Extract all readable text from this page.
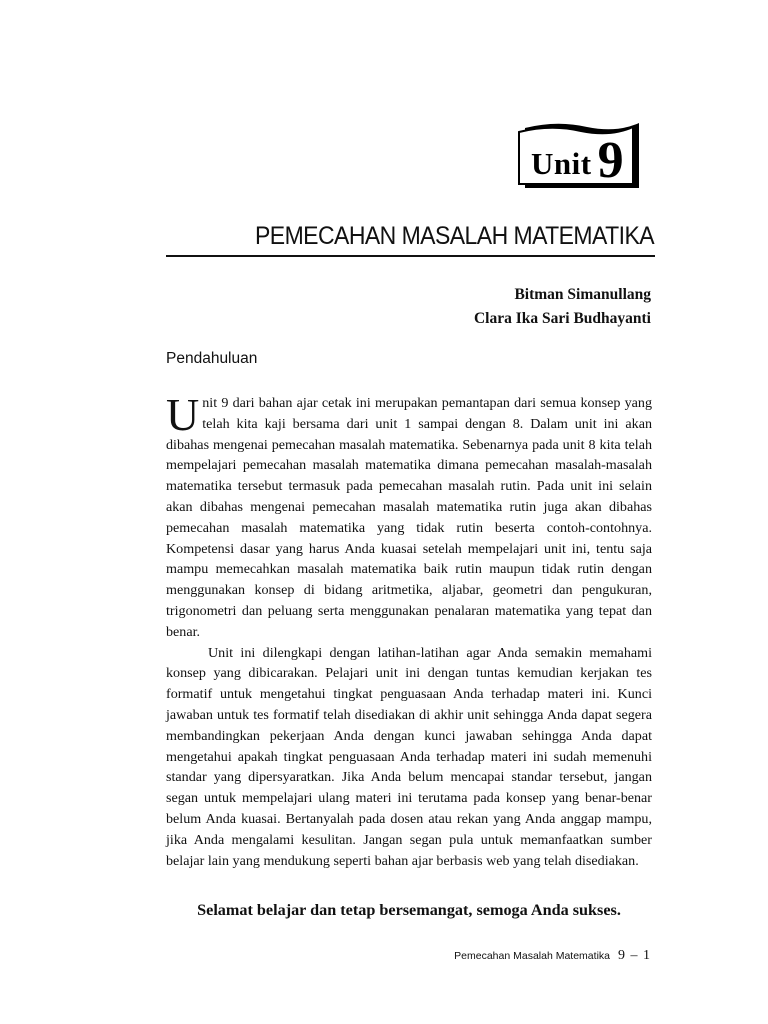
Unit 9
PEMECAHAN MASALAH MATEMATIKA
Bitman Simanullang
Clara Ika Sari Budhayanti
Pendahuluan

Unit 9 dari bahan ajar cetak ini merupakan pemantapan dari semua konsep yang telah kita kaji bersama dari unit 1 sampai dengan 8. Dalam unit ini akan dibahas mengenai pemecahan masalah matematika. Sebenarnya pada unit 8 kita telah mempelajari pemecahan masalah matematika dimana pemecahan masalah-masalah matematika tersebut termasuk pada pemecahan masalah rutin. Pada unit ini selain akan dibahas mengenai pemecahan masalah matematika rutin juga akan dibahas pemecahan masalah matematika yang tidak rutin beserta contoh-contohnya. Kompetensi dasar yang harus Anda kuasai setelah mempelajari unit ini, tentu saja mampu memecahkan masalah matematika baik rutin maupun tidak rutin dengan menggunakan konsep di bidang aritmetika, aljabar, geometri dan pengukuran, trigonometri dan peluang serta menggunakan penalaran matematika yang tepat dan benar.

Unit ini dilengkapi dengan latihan-latihan agar Anda semakin memahami konsep yang dibicarakan. Pelajari unit ini dengan tuntas kemudian kerjakan tes formatif untuk mengetahui tingkat penguasaan Anda terhadap materi ini. Kunci jawaban untuk tes formatif telah disediakan di akhir unit sehingga Anda dapat segera membandingkan pekerjaan Anda dengan kunci jawaban sehingga Anda dapat mengetahui apakah tingkat penguasaan Anda terhadap materi ini sudah memenuhi standar yang dipersyaratkan. Jika Anda belum mencapai standar tersebut, jangan segan untuk mempelajari ulang materi ini terutama pada konsep yang benar-benar belum Anda kuasai. Bertanyalah pada dosen atau rekan yang Anda anggap mampu, jika Anda mengalami kesulitan. Jangan segan pula untuk memanfaatkan sumber belajar lain yang mendukung seperti bahan ajar berbasis web yang telah disediakan.

Selamat belajar dan tetap bersemangat, semoga Anda sukses.
Pemecahan Masalah Matematika 9 – 1
